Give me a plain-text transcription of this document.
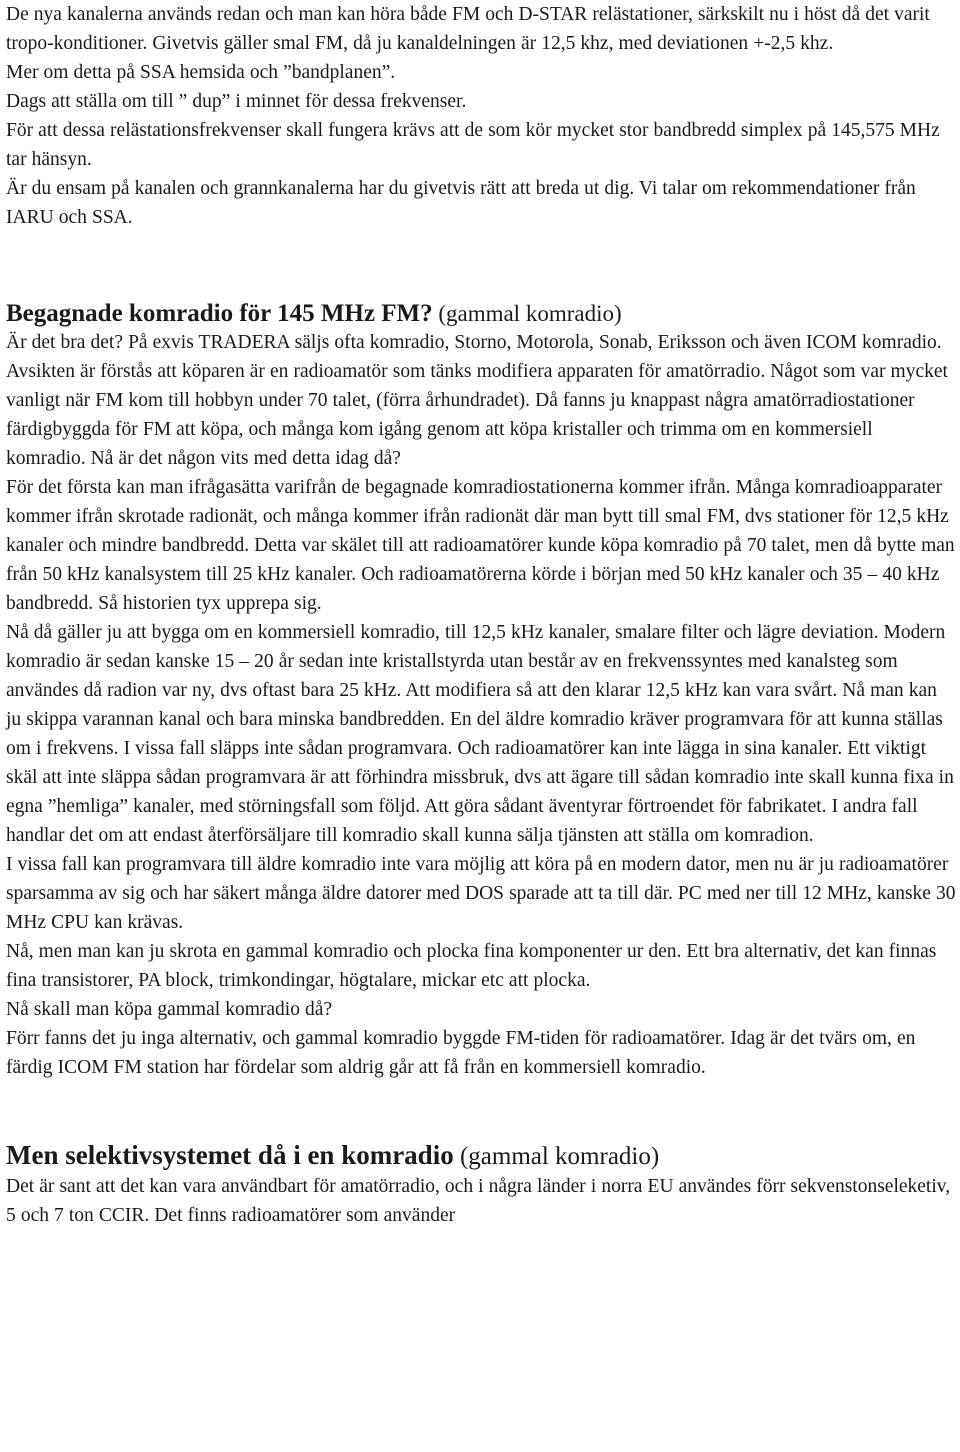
De nya kanalerna används redan och man kan höra både FM och D-STAR relästationer, särkskilt nu i höst då det varit tropo-konditioner. Givetvis gäller smal FM, då ju kanaldelningen är 12,5 khz, med deviationen +-2,5 khz.

Mer om detta på SSA hemsida och ”bandplanen”.

Dags att ställa om till ” dup” i minnet för dessa frekvenser.

För att dessa relästationsfrekvenser skall fungera krävs att de som kör mycket stor bandbredd simplex på 145,575 MHz tar hänsyn.

Är du ensam på kanalen och grannkanalerna har du givetvis rätt att breda ut dig. Vi talar om rekommendationer från IARU och SSA.

Begagnade komradio för 145 MHz FM? (gammal komradio)

Är det bra det? På exvis TRADERA säljs ofta komradio, Storno, Motorola, Sonab, Eriksson och även ICOM komradio. Avsikten är förstås att köparen är en radioamatör som tänks modifiera apparaten för amatörradio. Något som var mycket vanligt när FM kom till hobbyn under 70 talet, (förra århundradet). Då fanns ju knappast några amatörradiostationer färdigbyggda för FM att köpa, och många kom igång genom att köpa kristaller och trimma om en kommersiell komradio. Nå är det någon vits med detta idag då?

För det första kan man ifrågasätta varifrån de begagnade komradiostationerna kommer ifrån. Många komradioapparater kommer ifrån skrotade radionät, och många kommer ifrån radionät där man bytt till smal FM, dvs stationer för 12,5 kHz kanaler och mindre bandbredd. Detta var skälet till att radioamatörer kunde köpa komradio på 70 talet, men då bytte man från 50 kHz kanalsystem till 25 kHz kanaler. Och radioamatörerna körde i början med 50 kHz kanaler och 35 – 40 kHz bandbredd. Så historien tyx upprepa sig.

Nå då gäller ju att bygga om en kommersiell komradio, till 12,5 kHz kanaler, smalare filter och lägre deviation. Modern komradio är sedan kanske 15 – 20 år sedan inte kristallstyrda utan består av en frekvenssyntes med kanalsteg som användes då radion var ny, dvs oftast bara 25 kHz. Att modifiera så att den klarar 12,5 kHz kan vara svårt. Nå man kan ju skippa varannan kanal och bara minska bandbredden. En del äldre komradio kräver programvara för att kunna ställas om i frekvens. I vissa fall släpps inte sådan programvara. Och radioamatörer kan inte lägga in sina kanaler. Ett viktigt skäl att inte släppa sådan programvara är att förhindra missbruk, dvs att ägare till sådan komradio inte skall kunna fixa in egna ”hemliga” kanaler, med störningsfall som följd. Att göra sådant äventyrar förtroendet för fabrikatet. I andra fall handlar det om att endast återförsäljare till komradio skall kunna sälja tjänsten att ställa om komradion.

I vissa fall kan programvara till äldre komradio inte vara möjlig att köra på en modern dator, men nu är ju radioamatörer sparsamma av sig och har säkert många äldre datorer med DOS sparade att ta till där. PC med ner till 12 MHz, kanske 30 MHz CPU kan krävas.

Nå, men man kan ju skrota en gammal komradio och plocka fina komponenter ur den. Ett bra alternativ, det kan finnas fina transistorer, PA block, trimkondingar, högtalare, mickar etc att plocka.

Nå skall man köpa gammal komradio då?

Förr fanns det ju inga alternativ, och gammal komradio byggde FM-tiden för radioamatörer. Idag är det tvärs om, en färdig ICOM FM station har fördelar som aldrig går att få från en kommersiell komradio.

Men selektivsystemet då i en komradio (gammal komradio)

Det är sant att det kan vara användbart för amatörradio, och i några länder i norra EU användes förr sekvenstonseleketiv, 5 och 7 ton CCIR. Det finns radioamatörer som använder
